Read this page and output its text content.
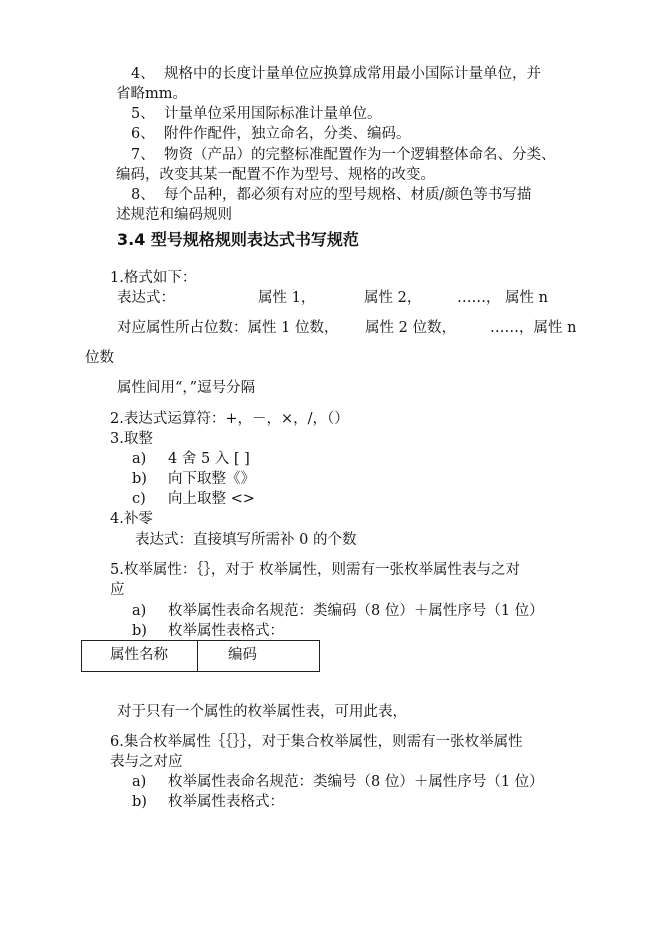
4、 规格中的长度计量单位应换算成常用最小国际计量单位，并
省略mm。
5、 计量单位采用国际标准计量单位。
6、 附件作配件，独立命名，分类、编码。
7、 物资（产品）的完整标准配置作为一个逻辑整体命名、分类、
编码，改变其某一配置不作为型号、规格的改变。
8、 每个品种，都必须有对应的型号规格、材质/颜色等书写描
述规范和编码规则
3.4 型号规格规则表达式书写规范
1.格式如下：
表达式：	属性 1，	属性 2， ……， 属性 n
对应属性所占位数：属性 1 位数， 属性 2 位数， ……，属性 n
位数
属性间用“，”逗号分隔
2.表达式运算符：+，－，×，/，（）
3.取整
a) 4 舍 5 入 [ ]
b) 向下取整《》
c) 向上取整 <>
4.补零
表达式：直接填写所需补 0 的个数
5.枚举属性：｛｝，对于 枚举属性，则需有一张枚举属性表与之对
应
a) 枚举属性表命名规范：类编码（8 位）＋属性序号（1 位）
b) 枚举属性表格式：
属性名称	编码
对于只有一个属性的枚举属性表，可用此表，
6.集合枚举属性｛｛｝｝，对于集合枚举属性，则需有一张枚举属性
表与之对应
a) 枚举属性表命名规范：类编号（8 位）＋属性序号（1 位）
b) 枚举属性表格式：
